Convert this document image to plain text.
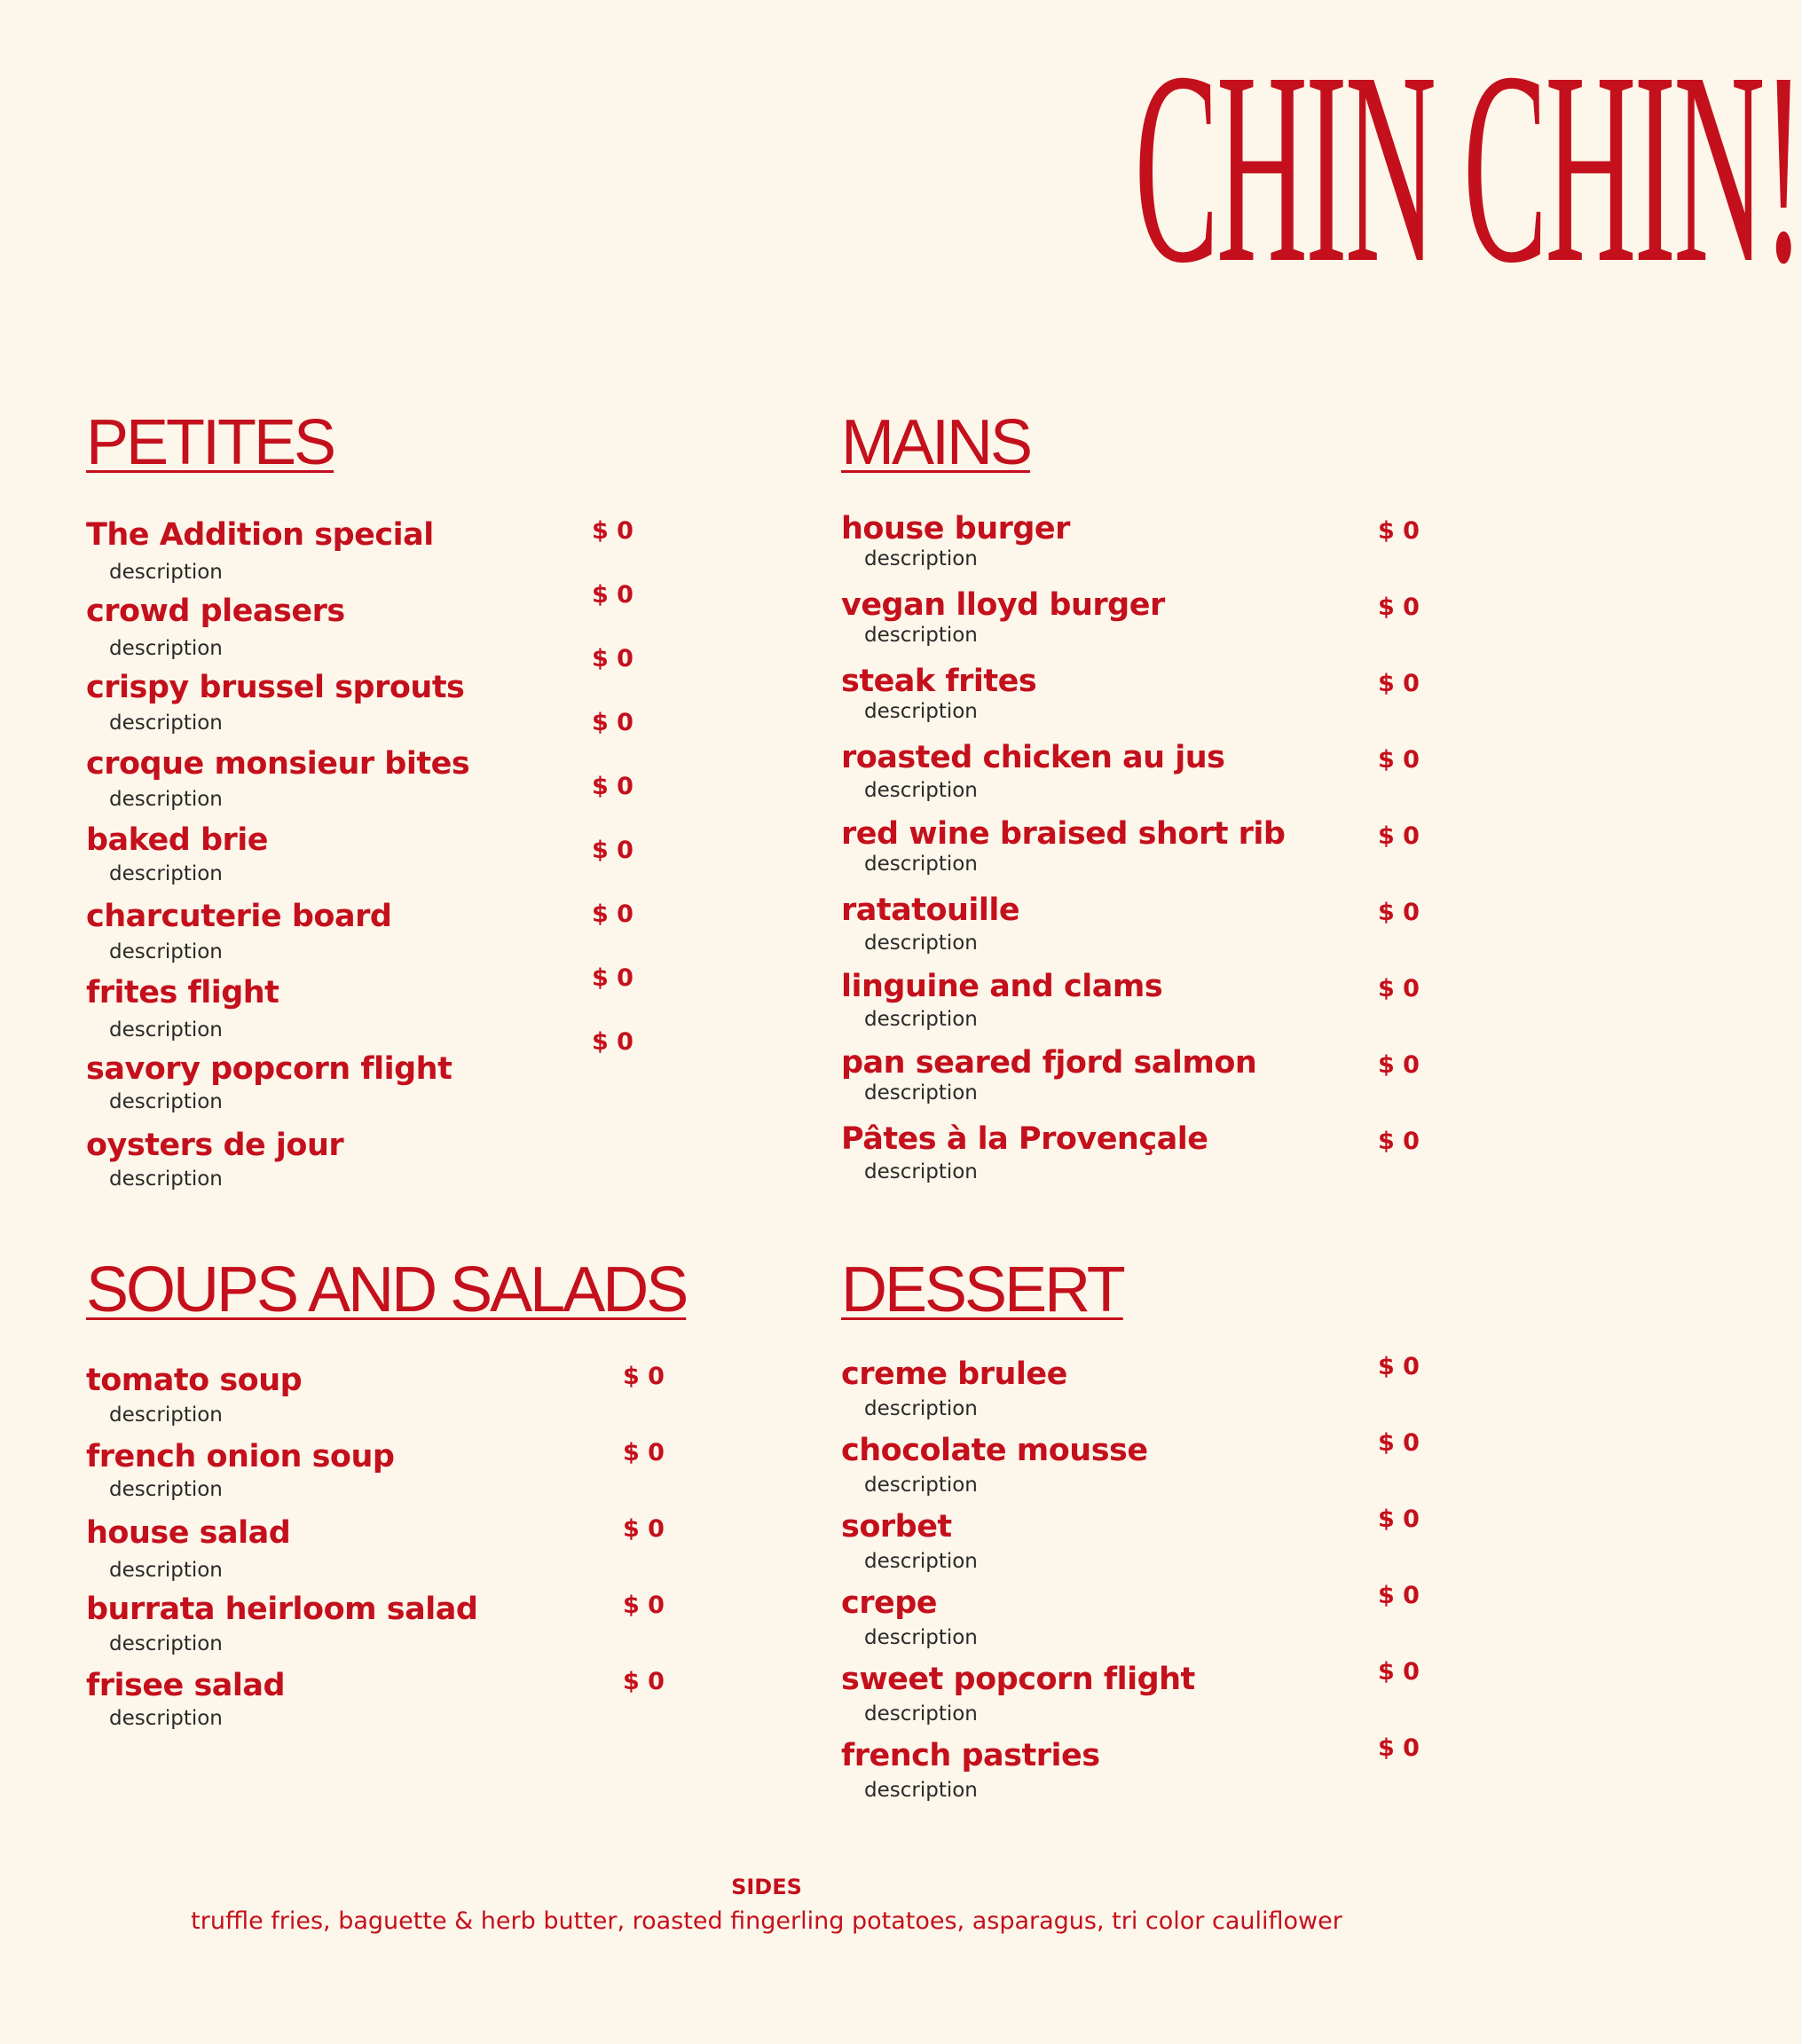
CHIN CHIN!
PETITES
The Addition special
description
crowd pleasers
description
crispy brussel sprouts
description
croque monsieur bites
description
baked brie
description
charcuterie board
description
frites flight
description
savory popcorn flight
description
oysters de jour
description
$ 0
$ 0
$ 0
$ 0
$ 0
$ 0
$ 0
$ 0
$ 0
MAINS
house burger
description
vegan lloyd burger
description
steak frites
description
roasted chicken au jus
description
red wine braised short rib
description
ratatouille
description
linguine and clams
description
pan seared fjord salmon
description
Pâtes à la Provençale
description
$ 0
$ 0
$ 0
$ 0
$ 0
$ 0
$ 0
$ 0
$ 0
SOUPS AND SALADS
tomato soup
description
french onion soup
description
house salad
description
burrata heirloom salad
description
frisee salad
description
$ 0
$ 0
$ 0
$ 0
$ 0
DESSERT
creme brulee
description
chocolate mousse
description
sorbet
description
crepe
description
sweet popcorn flight
description
french pastries
description
$ 0
$ 0
$ 0
$ 0
$ 0
$ 0
SIDES
truffle fries, baguette & herb butter, roasted fingerling potatoes, asparagus, tri color cauliflower
